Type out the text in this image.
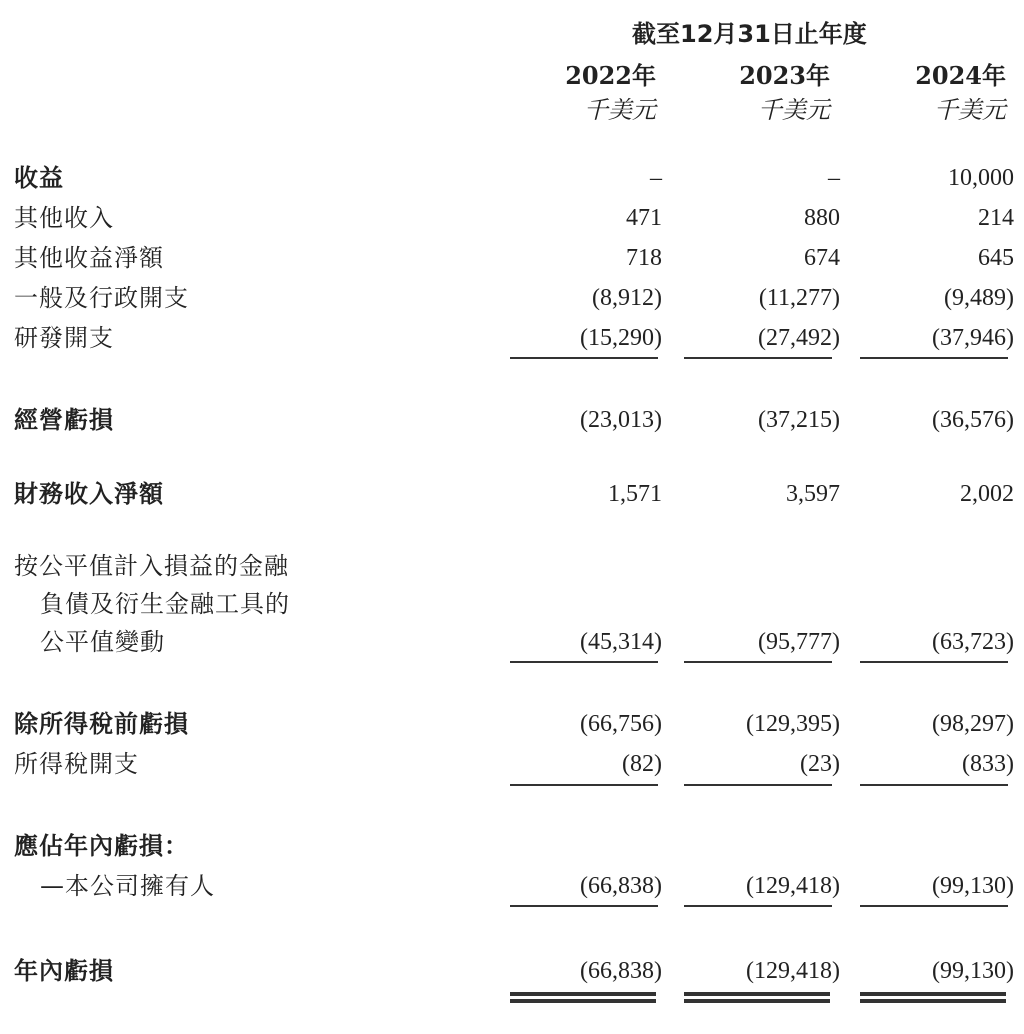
截至12月31日止年度
2022年	2023年	2024年
千美元	千美元	千美元
收益	–	–	10,000
其他收入	471	880	214
其他收益淨額	718	674	645
一般及行政開支	(8,912)	(11,277)	(9,489)
研發開支	(15,290)	(27,492)	(37,946)
經營虧損	(23,013)	(37,215)	(36,576)
財務收入淨額	1,571	3,597	2,002
按公平值計入損益的金融
負債及衍生金融工具的
公平值變動	(45,314)	(95,777)	(63,723)
除所得稅前虧損	(66,756)	(129,395)	(98,297)
所得稅開支	(82)	(23)	(833)
應佔年內虧損：
—本公司擁有人	(66,838)	(129,418)	(99,130)
年內虧損	(66,838)	(129,418)	(99,130)
